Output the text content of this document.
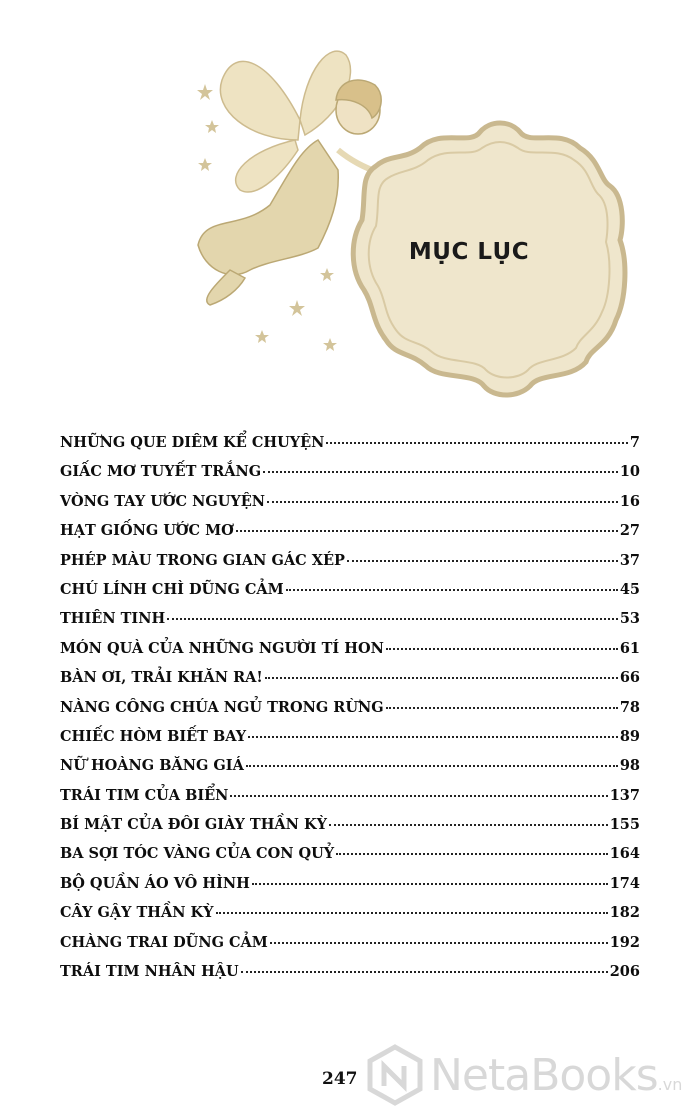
MỤC LỤC
NHỮNG QUE DIÊM KỂ CHUYỆN	7
GIẤC MƠ TUYẾT TRẮNG	10
VÒNG TAY ƯỚC NGUYỆN	16
HẠT GIỐNG ƯỚC MƠ	27
PHÉP MÀU TRONG GIAN GÁC XÉP	37
CHÚ LÍNH CHÌ DŨNG CẢM	45
THIÊN TINH	53
MÓN QUÀ CỦA NHỮNG NGƯỜI TÍ HON	61
BÀN ƠI, TRẢI KHĂN RA!	66
NÀNG CÔNG CHÚA NGỦ TRONG RỪNG	78
CHIẾC HÒM BIẾT BAY	89
NỮ HOÀNG BĂNG GIÁ	98
TRÁI TIM CỦA BIỂN	137
BÍ MẬT CỦA ĐÔI GIÀY THẦN KỲ	155
BA SỢI TÓC VÀNG CỦA CON QUỶ	164
BỘ QUẦN ÁO VÔ HÌNH	174
CÂY GẬY THẦN KỲ	182
CHÀNG TRAI DŨNG CẢM	192
TRÁI TIM NHÂN HẬU	206
247 NetaBooks.vn
